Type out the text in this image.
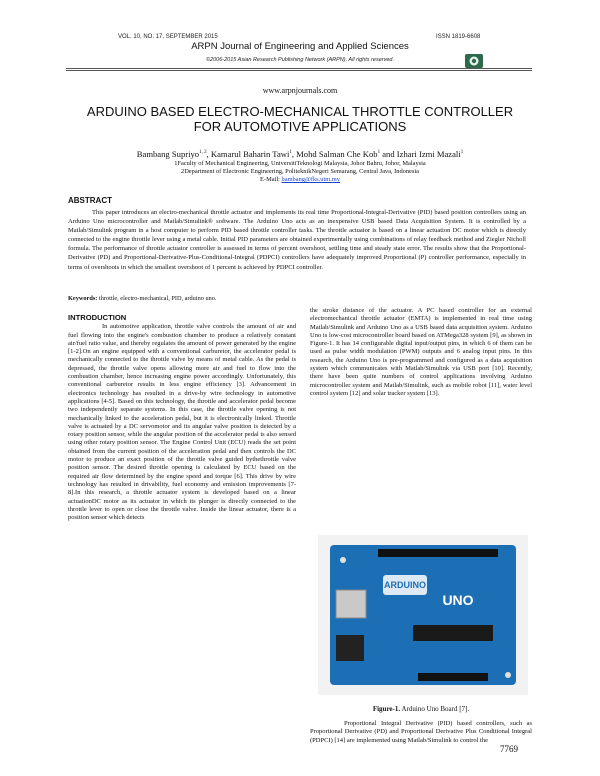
VOL. 10, NO. 17, SEPTEMBER 2015	ISSN 1819-6608
ARPN Journal of Engineering and Applied Sciences
©2006-2015 Asian Research Publishing Network (ARPN). All rights reserved.
www.arpnjournals.com
ARDUINO BASED ELECTRO-MECHANICAL THROTTLE CONTROLLER
FOR AUTOMOTIVE APPLICATIONS
Bambang Supriyo$^{1, 2}$, Kamarul Baharin Tawi$^1$, Mohd Salman Che Kob$^1$ and Izhari Izmi Mazali$^1$
1Faculty of Mechanical Engineering, UniversitiTeknologi Malaysia, Johor Bahru, Johor, Malaysia
2Department of Electronic Engineering, PoliteknikNegeri Semarang, Central Java, Indonesia
E-Mail: bambang@fks.utm.my
ABSTRACT
This paper introduces an electro-mechanical throttle actuator and implements its real time Proportional-Integral-Derivative (PID) based position controllers using an Arduino Uno microcontroller and Matlab/Simulink® software. The Arduino Uno acts as an inexpensive USB based Data Acquisition System. It is controlled by a Matlab/Simulink program in a host computer to perform PID based throttle controller tasks. The throttle actuator is based on a linear actuation DC motor which is directly connected to the engine throttle lever using a metal cable. Initial PID parameters are obtained experimentally using combinations of relay feedback method and Ziegler Nicholl formula. The performance of throttle actuator controller is assessed in terms of percent overshoot, settling time and steady state error. The results show that the Proportional-Derivative (PD) and Proportional-Derivative-Plus-Conditional-Integral (PDPCI) controllers have adequately improved Proportional (P) controller performance, especially in terms of overshoots in which the smallest overshoot of 1 percent is achieved by PDPCI controller.
Keywords: throttle, electro-mechanical, PID, arduino uno.
INTRODUCTION
In automotive application, throttle valve controls the amount of air and fuel flowing into the engine's combustion chamber to produce a relatively constant air/fuel ratio value, and thereby regulates the amount of power generated by the engine [1-2].On an engine equipped with a conventional carburetor, the accelerator pedal is mechanically connected to the throttle valve by means of metal cable. As the pedal is depressed, the throttle valve opens allowing more air and fuel to flow into the combustion chamber, hence increasing engine power accordingly. Unfortunately, this conventional carburetor results in less engine efficiency [3]. Advancement in electronics technology has resulted in a drive-by wire technology in automotive applications [4-5]. Based on this technology, the throttle and accelerator pedal become two independently separate systems. In this case, the throttle valve opening is not mechanically linked to the acceleration pedal, but it is electronically linked. Throttle valve is actuated by a DC servomotor and its angular valve position is detected by a rotary position sensor, while the angular position of the accelerator pedal is also sensed using other rotary position sensor. The Engine Control Unit (ECU) reads the set point obtained from the current position of the acceleration pedal and then controls the DC motor to produce an exact position of the throttle valve guided bythethrottle valve position sensor. The desired throttle opening is calculated by ECU based on the required air flow determined by the engine speed and torque [6]. This drive by wire technology has resulted in drivability, fuel economy and emission improvements [7-8].In this research, a throttle actuator system is developed based on a linear actuationDC motor as its actuator in which its plunger is directly connected to the throttle lever to open or close the throttle valve. Inside the linear actuator, there is a position sensor which detects
the stroke distance of the actuator. A PC based controller for an external electromechanical throttle actuator (EMTA) is implemented in real time using Matlab/Simulink and Arduino Uno as a USB based data acquisition system. Arduino Uno is low-cost microcontroller board based on ATMega328 system [9], as shown in Figure-1. It has 14 configurable digital input/output pins, in which 6 of them can be used as pulse width modulation (PWM) outputs and 6 analog input pins. In this research, the Arduino Uno is pre-programmed and configured as a data acquisition system which communicates with Matlab/Simulink via USB port [10]. Recently, there have been quite numbers of control applications involving Arduino microcontroller system and Matlab/Simulink, such as mobile robot [11], water level control system [12] and solar tracker system [13].
ARDUINO
UNO
Figure-1. Arduino Uno Board [7].
Proportional Integral Derivative (PID) based controllers, such as Proportional Derivative (PD) and Proportional Derivative Plus Conditional Integral (PDPCI) [14] are implemented using Matlab/Simulink to control the
7769
